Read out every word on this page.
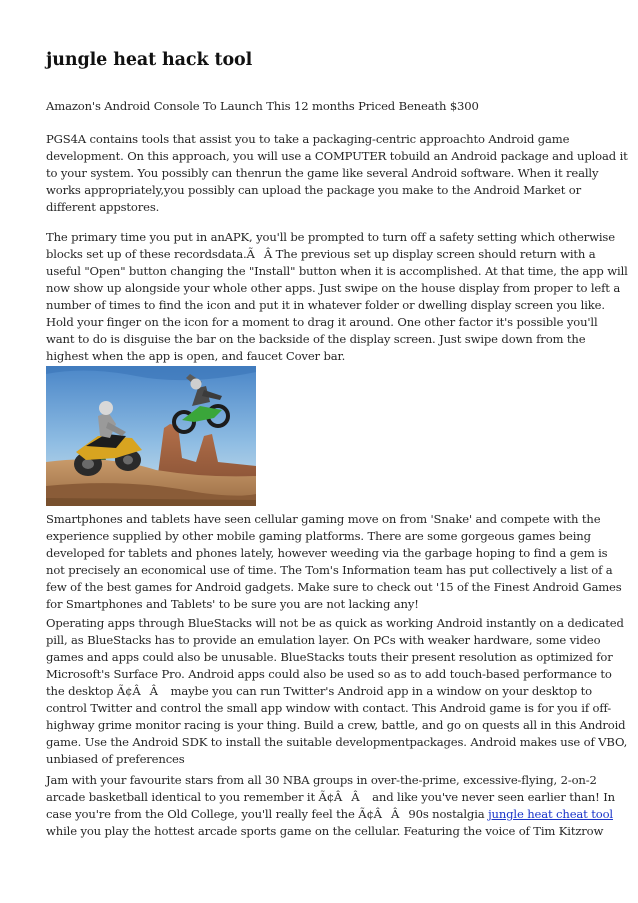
jungle heat hack tool

Amazon's Android Console To Launch This 12 months Priced Beneath $300

PGS4A contains tools that assist you to take a packaging-centric approachto Android game
development. On this approach, you will use a COMPUTER tobuild an Android package and upload it
to your system. You possibly can thenrun the game like several Android software. When it really
works appropriately,you possibly can upload the package you make to the Android Market or
different appstores.

The primary time you put in anAPK, you'll be prompted to turn off a safety setting which otherwise
blocks set up of these recordsdata.ÃÂ The previous set up display screen should return with a
useful "Open" button changing the "Install" button when it is accomplished. At that time, the app will
now show up alongside your whole other apps. Just swipe on the house display from proper to left a
number of times to find the icon and put it in whatever folder or dwelling display screen you like.
Hold your finger on the icon for a moment to drag it around. One other factor it's possible you'll
want to do is disguise the bar on the backside of the display screen. Just swipe down from the
highest when the app is open, and faucet Cover bar.

Smartphones and tablets have seen cellular gaming move on from 'Snake' and compete with the
experience supplied by other mobile gaming platforms. There are some gorgeous games being
developed for tablets and phones lately, however weeding via the garbage hoping to find a gem is
not precisely an economical use of time. The Tom's Information team has put collectively a list of a
few of the best games for Android gadgets. Make sure to check out '15 of the Finest Android Games
for Smartphones and Tablets' to be sure you are not lacking any!

Operating apps through BlueStacks will not be as quick as working Android instantly on a dedicated
pill, as BlueStacks has to provide an emulation layer. On PCs with weaker hardware, some video
games and apps could also be unusable. BlueStacks touts their present resolution as optimized for
Microsoft's Surface Pro. Android apps could also be used so as to add touch-based performance to
the desktop Ã¢ÂÂ maybe you can run Twitter's Android app in a window on your desktop to
control Twitter and control the small app window with contact. This Android game is for you if off-
highway grime monitor racing is your thing. Build a crew, battle, and go on quests all in this Android
game. Use the Android SDK to install the suitable developmentpackages. Android makes use of VBO,
unbiased of preferences

Jam with your favourite stars from all 30 NBA groups in over-the-prime, excessive-flying, 2-on-2
arcade basketball identical to you remember it Ã¢ÂÂ and like you've never seen earlier than! In
case you're from the Old College, you'll really feel the Ã¢ÂÂ90s nostalgia jungle heat cheat tool
while you play the hottest arcade sports game on the cellular. Featuring the voice of Tim Kitzrow
